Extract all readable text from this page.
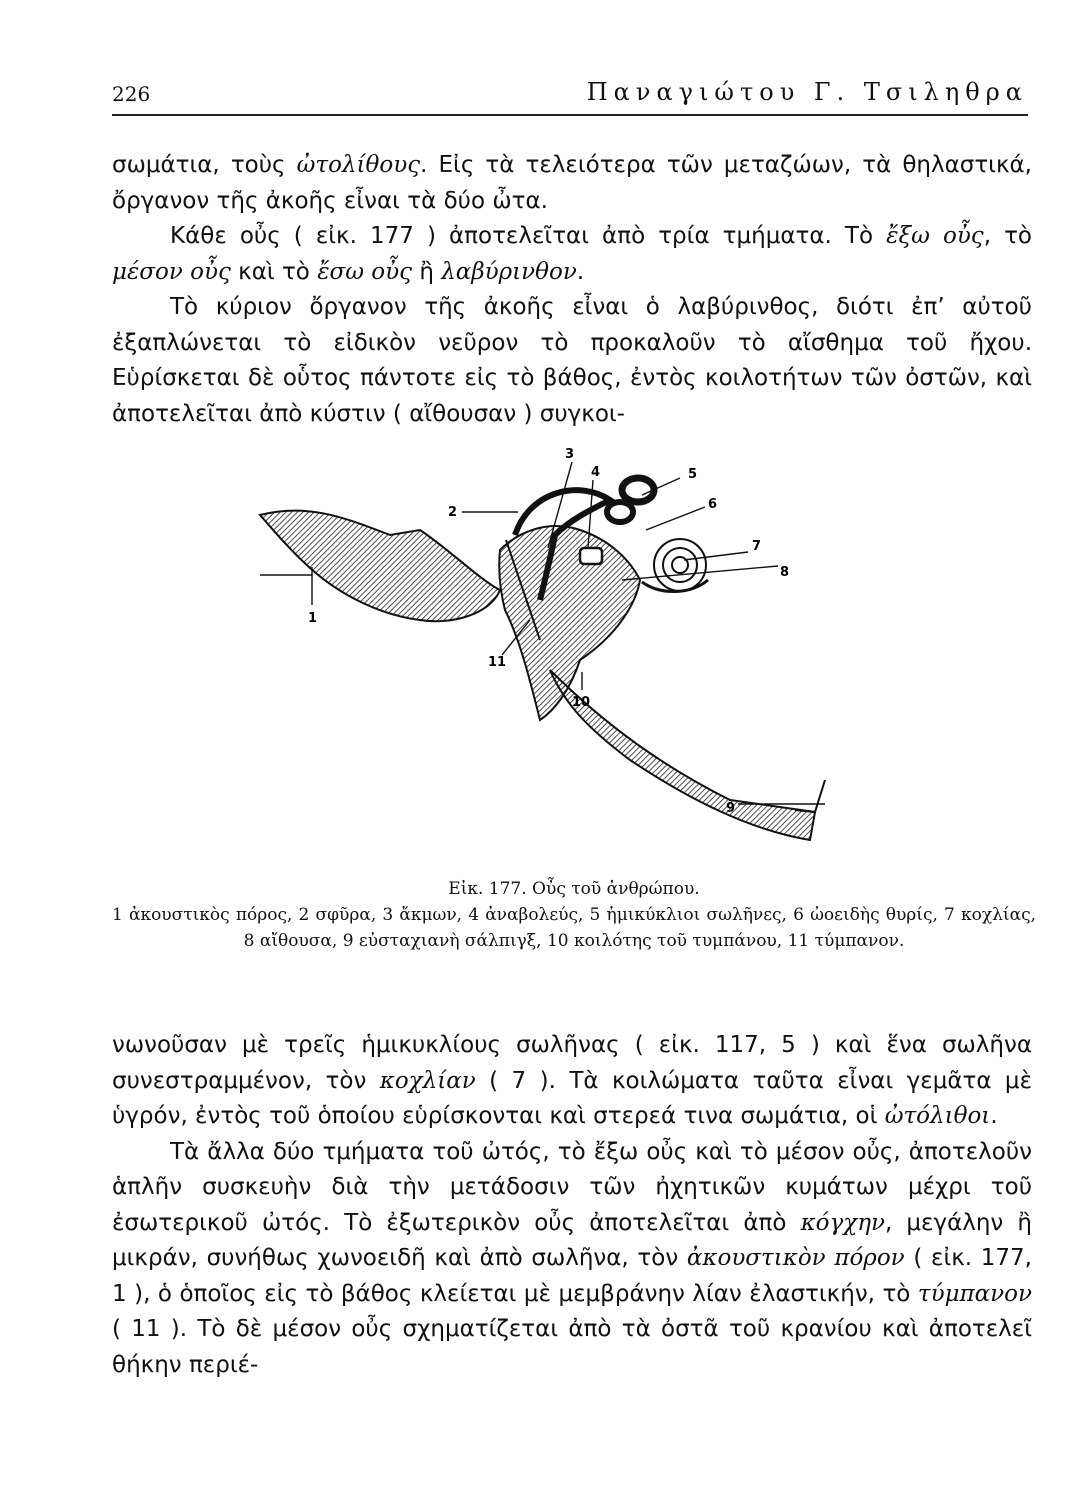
226	Παναγιώτου Γ. Τσιληθρα

σωμάτια, τοὺς ὠτολίθους. Εἰς τὰ τελειότερα τῶν μεταζώων, τὰ θηλαστικά, ὄργανον τῆς ἀκοῆς εἶναι τὰ δύο ὦτα.

Κάθε οὖς ( εἰκ. 177 ) ἀποτελεῖται ἀπὸ τρία τμήματα. Τὸ ἔξω οὖς, τὸ μέσον οὖς καὶ τὸ ἔσω οὖς ἢ λαβύρινθον.

Τὸ κύριον ὄργανον τῆς ἀκοῆς εἶναι ὁ λαβύρινθος, διότι ἐπ’ αὐτοῦ ἐξαπλώνεται τὸ εἰδικὸν νεῦρον τὸ προκαλοῦν τὸ αἴσθημα τοῦ ἤχου. Εὑρίσκεται δὲ οὗτος πάντοτε εἰς τὸ βάθος, ἐντὸς κοιλοτήτων τῶν ὀστῶν, καὶ ἀποτελεῖται ἀπὸ κύστιν ( αἴθουσαν ) συγκοι-

1
2
3
4	5
6
7
8
9
10
11
Εἰκ. 177. Οὖς τοῦ ἀνθρώπου.
1 ἀκουστικὸς πόρος, 2 σφῦρα, 3 ἄκμων, 4 ἀναβολεύς, 5 ἡμικύκλιοι σωλῆνες, 6 ὠοειδὴς θυρίς, 7 κοχλίας, 8 αἴθουσα, 9 εὐσταχιανὴ σάλπιγξ, 10 κοιλότης τοῦ τυμπάνου, 11 τύμπανον.

νωνοῦσαν μὲ τρεῖς ἡμικυκλίους σωλῆνας ( εἰκ. 117, 5 ) καὶ ἕνα σωλῆνα συνεστραμμένον, τὸν κοχλίαν ( 7 ). Τὰ κοιλώματα ταῦτα εἶναι γεμᾶτα μὲ ὑγρόν, ἐντὸς τοῦ ὁποίου εὑρίσκονται καὶ στερεά τινα σωμάτια, οἱ ὠτόλιθοι.

Τὰ ἄλλα δύο τμήματα τοῦ ὠτός, τὸ ἔξω οὖς καὶ τὸ μέσον οὖς, ἀποτελοῦν ἁπλῆν συσκευὴν διὰ τὴν μετάδοσιν τῶν ἠχητικῶν κυμάτων μέχρι τοῦ ἐσωτερικοῦ ὠτός. Τὸ ἐξωτερικὸν οὖς ἀποτελεῖται ἀπὸ κόγχην, μεγάλην ἢ μικράν, συνήθως χωνοειδῆ καὶ ἀπὸ σωλῆνα, τὸν ἀκουστικὸν πόρον ( εἰκ. 177, 1 ), ὁ ὁποῖος εἰς τὸ βάθος κλείεται μὲ μεμβράνην λίαν ἐλαστικήν, τὸ τύμπανον ( 11 ). Τὸ δὲ μέσον οὖς σχηματίζεται ἀπὸ τὰ ὀστᾶ τοῦ κρανίου καὶ ἀποτελεῖ θήκην περιέ-
